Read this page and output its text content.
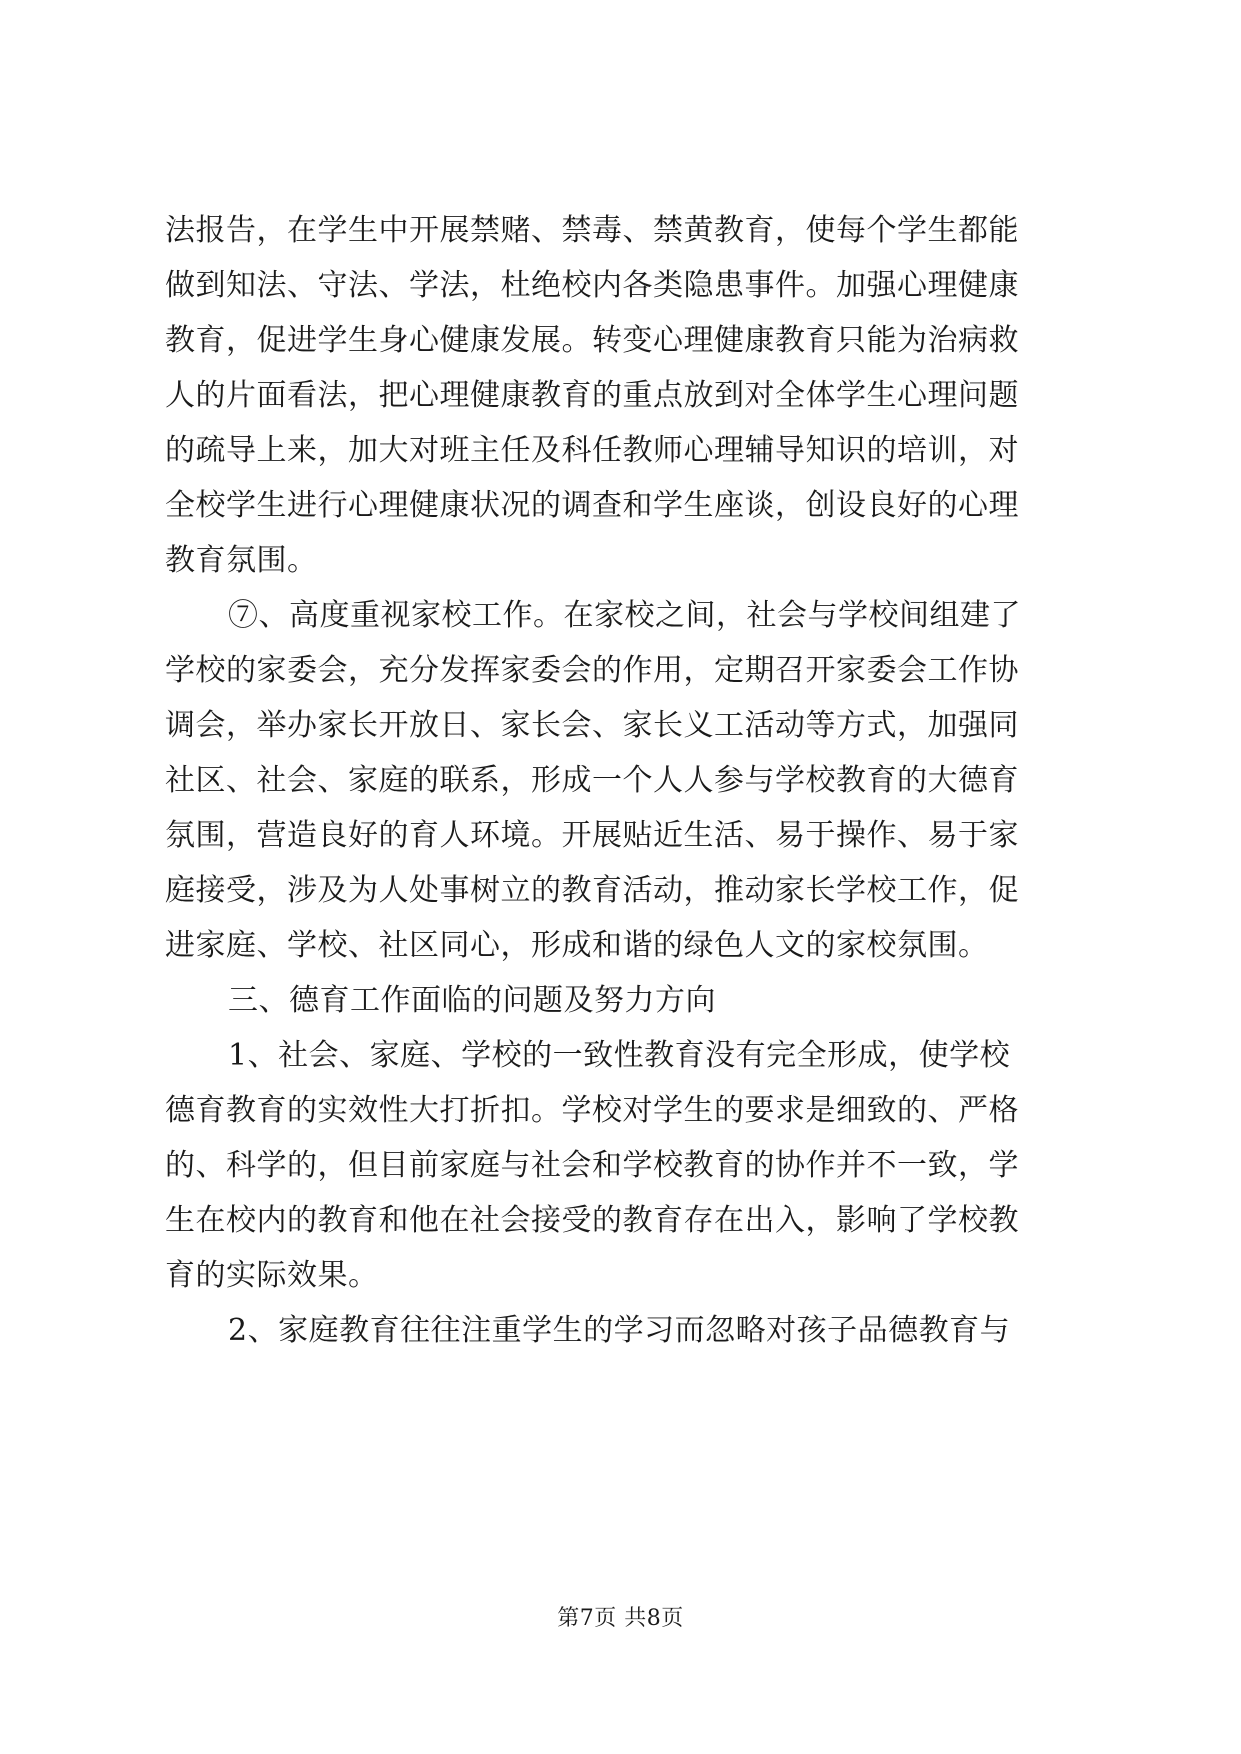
法报告，在学生中开展禁赌、禁毒、禁黄教育，使每个学生都能
做到知法、守法、学法，杜绝校内各类隐患事件。加强心理健康
教育，促进学生身心健康发展。转变心理健康教育只能为治病救
人的片面看法，把心理健康教育的重点放到对全体学生心理问题
的疏导上来，加大对班主任及科任教师心理辅导知识的培训，对
全校学生进行心理健康状况的调查和学生座谈，创设良好的心理
教育氛围。
⑦、高度重视家校工作。在家校之间，社会与学校间组建了
学校的家委会，充分发挥家委会的作用，定期召开家委会工作协
调会，举办家长开放日、家长会、家长义工活动等方式，加强同
社区、社会、家庭的联系，形成一个人人参与学校教育的大德育
氛围，营造良好的育人环境。开展贴近生活、易于操作、易于家
庭接受，涉及为人处事树立的教育活动，推动家长学校工作，促
进家庭、学校、社区同心，形成和谐的绿色人文的家校氛围。
三、德育工作面临的问题及努力方向
1、社会、家庭、学校的一致性教育没有完全形成，使学校
德育教育的实效性大打折扣。学校对学生的要求是细致的、严格
的、科学的，但目前家庭与社会和学校教育的协作并不一致，学
生在校内的教育和他在社会接受的教育存在出入，影响了学校教
育的实际效果。
2、家庭教育往往注重学生的学习而忽略对孩子品德教育与
第7页 共8页
